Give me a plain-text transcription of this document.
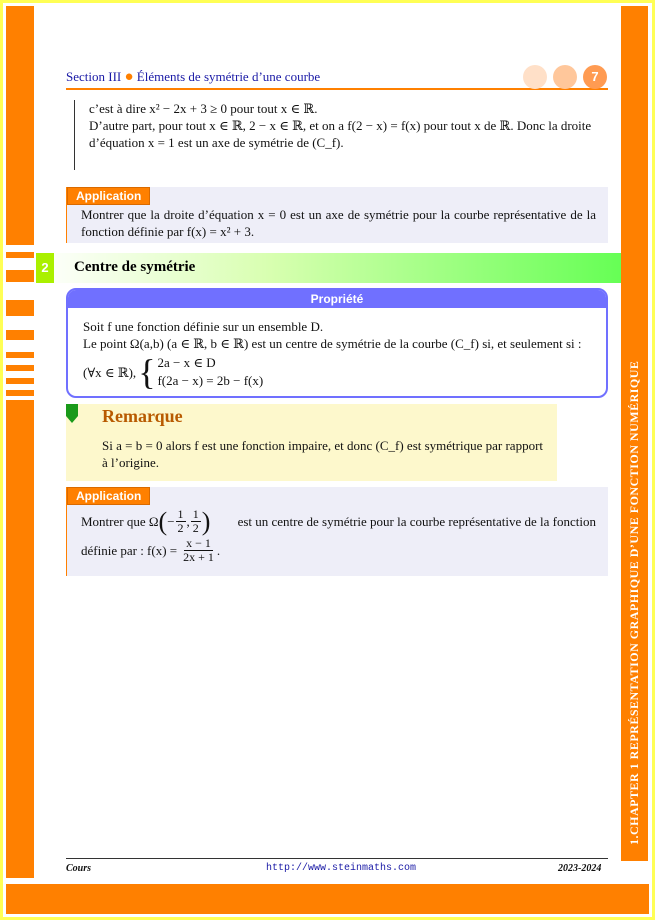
Section III ● Éléments de symétrie d’une courbe	7

c’est à dire x² − 2x + 3 ≥ 0 pour tout x ∈ ℝ.

D’autre part, pour tout x ∈ ℝ, 2 − x ∈ ℝ, et on a f(2 − x) = f(x) pour tout x de ℝ. Donc la droite

d’équation x = 1 est un axe de symétrie de (C_f).

Application
Montrer que la droite d’équation x = 0 est un axe de symétrie pour la courbe représentative de la fonction définie par f(x) = x² + 3.
2	Centre de symétrie
Propriété

Soit f une fonction définie sur un ensemble D.

Le point Ω(a,b) (a ∈ ℝ, b ∈ ℝ) est un centre de symétrie de la courbe (C_f) si, et seulement si :

(∀x ∈ ℝ), { 2a − x ∈ D
f(2a − x) = 2b − f(x)
Remarque
Si a = b = 0 alors f est une fonction impaire, et donc (C_f) est symétrique par rapport à l’origine.
Application
Montrer que Ω ( − $\frac{1}{2}$ , $\frac{1}{2}$ ) est un centre de symétrie pour la courbe représentative de la fonction
définie par : $f(x) = \frac{x - 1}{2x + 1}$ .	1.CHAPTER 1 REPRÉSENTATION GRAPHIQUE D’UNE FONCTION NUMÉRIQUE
Cours	http://www.steinmaths.com	2023-2024
